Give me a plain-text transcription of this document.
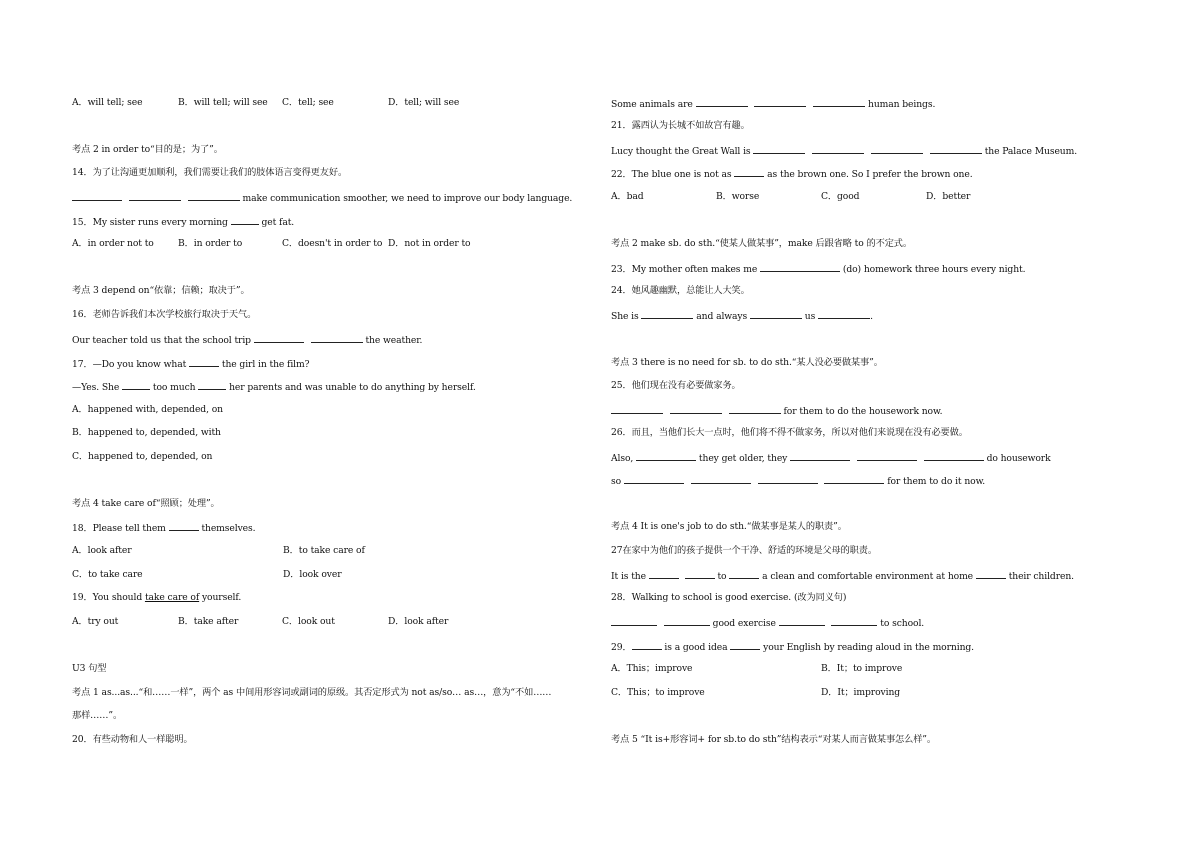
A．will tell; see	B．will tell; will see C．tell; see	D．tell; will see
考点 2 in order to“目的是；为了”。
14．为了让沟通更加顺利，我们需要让我们的肢体语言变得更友好。
make communication smoother, we need to improve our body language.
15．My sister runs every morning	get fat.
A．in order not to	B．in order to	C．doesn't in order to D．not in order to
考点 3 depend on“依靠；信赖；取决于”。
16．老师告诉我们本次学校旅行取决于天气。
Our teacher told us that the school trip	the weather.
17．—Do you know what	the girl in the film?
—Yes. She	too much	her parents and was unable to do anything by herself.
A．happened with, depended, on
B．happened to, depended, with
C．happened to, depended, on
考点 4 take care of“照顾；处理”。
18．Please tell them	themselves.
A．look after	B．to take care of
C．to take care	D．look over
19．You should take care of yourself.
A．try out	B．take after	C．look out	D．look after
U3 句型
考点 1 as...as...“和……一样”，两个 as 中间用形容词或副词的原级。其否定形式为 not as/so… as…，意为“不如……
那样……”。
20．有些动物和人一样聪明。
Some animals are	human beings.
21．露西认为长城不如故宫有趣。
Lucy thought the Great Wall is	the Palace Museum.
22．The blue one is not as	as the brown one. So I prefer the brown one.
A．bad	B．worse	C．good	D．better
考点 2 make sb. do sth.“使某人做某事”，make 后跟省略 to 的不定式。
23．My mother often makes me	(do) homework three hours every night.
24．她风趣幽默，总能让人大笑。
She is	and always	us	.
考点 3 there is no need for sb. to do sth.“某人没必要做某事”。
25．他们现在没有必要做家务。
for them to do the housework now.
26．而且，当他们长大一点时，他们将不得不做家务，所以对他们来说现在没有必要做。
Also,	they get older, they	do housework
so	for them to do it now.
考点 4 It is one's job to do sth.“做某事是某人的职责”。
27在家中为他们的孩子提供一个干净、舒适的环境是父母的职责。
It is the	to	a clean and comfortable environment at home	their children.
28．Walking to school is good exercise. (改为同义句)
good exercise	to school.
29．	is a good idea	your English by reading aloud in the morning.
A．This；improve	B．It；to improve
C．This；to improve	D．It；improving
考点 5 “It is+形容词+ for sb.to do sth”结构表示“对某人而言做某事怎么样”。
